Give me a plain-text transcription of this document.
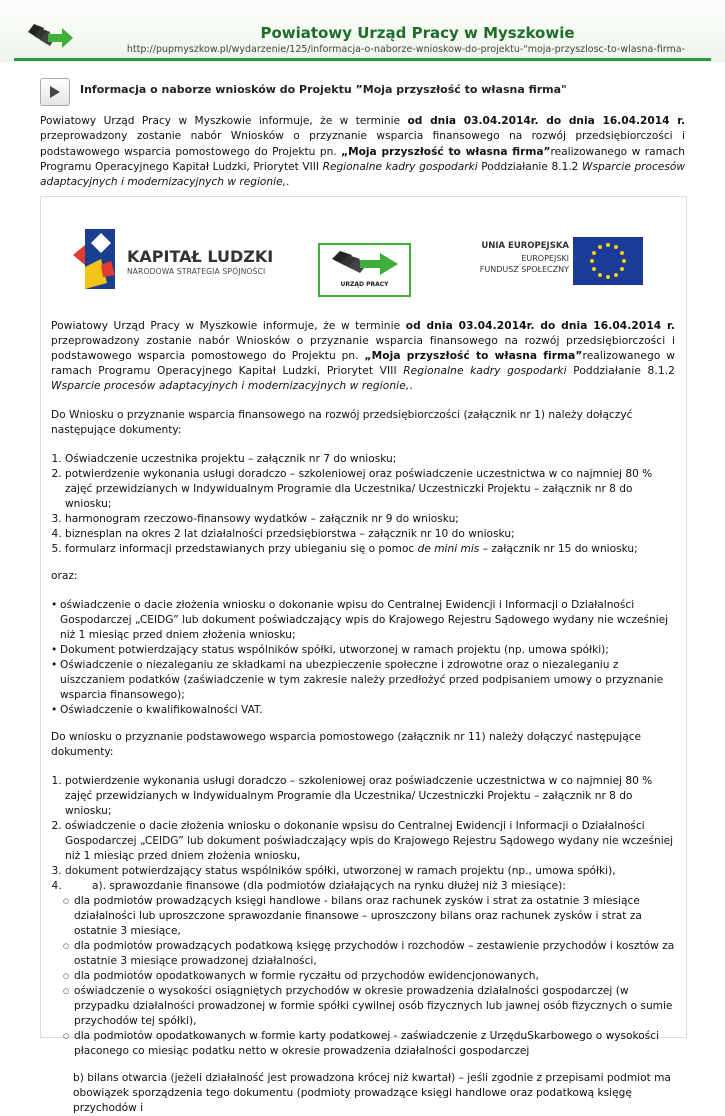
Powiatowy Urząd Pracy w Myszkowie
http://pupmyszkow.pl/wydarzenie/125/informacja-o-naborze-wnioskow-do-projektu-"moja-przyszlosc-to-wlasna-firma-
Informacja o naborze wniosków do Projektu ”Moja przyszłość to własna firma"
Powiatowy Urząd Pracy w Myszkowie informuje, że w terminie od dnia 03.04.2014r. do dnia 16.04.2014 r. przeprowadzony zostanie nabór Wniosków o przyznanie wsparcia finansowego na rozwój przedsiębiorczości i podstawowego wsparcia pomostowego do Projektu pn. „Moja przyszłość to własna firma”realizowanego w ramach Programu Operacyjnego Kapitał Ludzki, Priorytet VIII Regionalne kadry gospodarki Poddziałanie 8.1.2 Wsparcie procesów adaptacyjnych i modernizacyjnych w regionie,.
KAPITAŁ LUDZKI
NARODOWA STRATEGIA SPÓJNOŚCI
URZĄD PRACY
UNIA EUROPEJSKA
EUROPEJSKI
FUNDUSZ SPOŁECZNY

Powiatowy Urząd Pracy w Myszkowie informuje, że w terminie od dnia 03.04.2014r. do dnia 16.04.2014 r. przeprowadzony zostanie nabór Wniosków o przyznanie wsparcia finansowego na rozwój przedsiębiorczości i podstawowego wsparcia pomostowego do Projektu pn. „Moja przyszłość to własna firma”realizowanego w ramach Programu Operacyjnego Kapitał Ludzki, Priorytet VIII Regionalne kadry gospodarki Poddziałanie 8.1.2 Wsparcie procesów adaptacyjnych i modernizacyjnych w regionie,.

Do Wniosku o przyznanie wsparcia finansowego na rozwój przedsiębiorczości (załącznik nr 1) należy dołączyć następujące dokumenty:

1. Oświadczenie uczestnika projektu – załącznik nr 7 do wniosku;
2. potwierdzenie wykonania usługi doradczo – szkoleniowej oraz poświadczenie uczestnictwa w co najmniej 80 % zajęć przewidzianych w Indywidualnym Programie dla Uczestnika/ Uczestniczki Projektu – załącznik nr 8 do wniosku;
3. harmonogram rzeczowo-finansowy wydatków – załącznik nr 9 do wniosku;
4. biznesplan na okres 2 lat działalności przedsiębiorstwa – załącznik nr 10 do wniosku;
5. formularz informacji przedstawianych przy ubieganiu się o pomoc de mini mis – załącznik nr 15 do wniosku;

oraz:

• oświadczenie o dacie złożenia wniosku o dokonanie wpisu do Centralnej Ewidencji i Informacji o Działalności Gospodarczej „CEIDG” lub dokument poświadczający wpis do Krajowego Rejestru Sądowego wydany nie wcześniej niż 1 miesiąc przed dniem złożenia wniosku;
• Dokument potwierdzający status wspólników spółki, utworzonej w ramach projektu (np. umowa spółki);
• Oświadczenie o niezaleganiu ze składkami na ubezpieczenie społeczne i zdrowotne oraz o niezaleganiu z uiszczaniem podatków (zaświadczenie w tym zakresie należy przedłożyć przed podpisaniem umowy o przyznanie wsparcia finansowego);
• Oświadczenie o kwalifikowalności VAT.

Do wniosku o przyznanie podstawowego wsparcia pomostowego (załącznik nr 11) należy dołączyć następujące dokumenty:

1. potwierdzenie wykonania usługi doradczo – szkoleniowej oraz poświadczenie uczestnictwa w co najmniej 80 % zajęć przewidzianych w Indywidualnym Programie dla Uczestnika/ Uczestniczki Projektu – załącznik nr 8 do wniosku;
2. oświadczenie o dacie złożenia wniosku o dokonanie wpsisu do Centralnej Ewidencji i Informacji o Działalności Gospodarczej „CEIDG” lub dokument poświadczający wpis do Krajowego Rejestru Sądowego wydany nie wcześniej niż 1 miesiąc przed dniem złożenia wniosku,
3. dokument potwierdzający status wspólników spółki, utworzonej w ramach projektu (np., umowa spółki),
4.         a). sprawozdanie finansowe (dla podmiotów działających na rynku dłużej niż 3 miesiące):
○ dla podmiotów prowadzących księgi handlowe - bilans oraz rachunek zysków i strat za ostatnie 3 miesiące działalności lub uproszczone sprawozdanie finansowe – uproszczony bilans oraz rachunek zysków i strat za ostatnie 3 miesiące,
○ dla podmiotów prowadzących podatkową księgę przychodów i rozchodów – zestawienie przychodów i kosztów za ostatnie 3 miesiące prowadzonej działalności,
○ dla podmiotów opodatkowanych w formie ryczałtu od przychodów ewidencjonowanych,
○ oświadczenie o wysokości osiągniętych przychodów w okresie prowadzenia działalności gospodarczej (w przypadku działalności prowadzonej w formie spółki cywilnej osób fizycznych lub jawnej osób fizycznych o sumie przychodów tej spółki),
○ dla podmiotów opodatkowanych w formie karty podatkowej - zaświadczenie z UrzęduSkarbowego o wysokości płaconego co miesiąc podatku netto w okresie prowadzenia działalności gospodarczej
b) bilans otwarcia (jeżeli działalność jest prowadzona krócej niż kwartał) – jeśli zgodnie z przepisami podmiot ma obowiązek sporządzenia tego dokumentu (podmioty prowadzące księgi handlowe oraz podatkową księgę przychodów i
